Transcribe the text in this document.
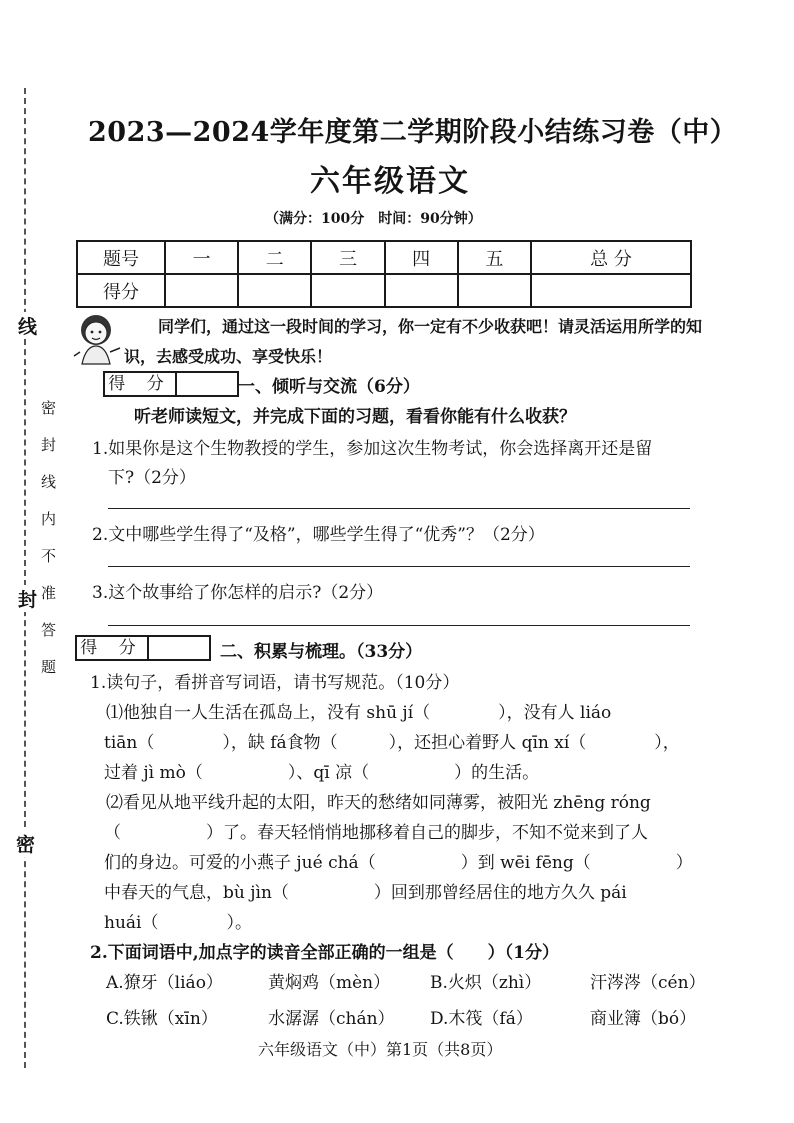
线
封
密
密封线内不准答题
2023—2024学年度第二学期阶段小结练习卷（中）
六年级语文
（满分：100分　时间：90分钟）
题号	一	二	三	四	五	总 分
得分						
同学们，通过这一段时间的学习，你一定有不少收获吧！请灵活运用所学的知识，去感受成功、享受快乐！
得 分	一、倾听与交流（6分）
听老师读短文，并完成下面的习题，看看你能有什么收获？
1.如果你是这个生物教授的学生，参加这次生物考试，你会选择离开还是留
下?（2分）
2.文中哪些学生得了“及格”，哪些学生得了“优秀”？（2分）
3.这个故事给了你怎样的启示?（2分）
得 分	二、积累与梳理。（33分）
1.读句子，看拼音写词语，请书写规范。（10分）
⑴他独自一人生活在孤岛上，没有 shū jí（　　　　），没有人 liáo
tiān（　　　　），缺 fá食物（　　　），还担心着野人 qīn xí（　　　　），
过着 jì mò（　　　　　）、qī 凉（　　　　　）的生活。
⑵看见从地平线升起的太阳，昨天的愁绪如同薄雾，被阳光 zhēng róng
（　　　　　）了。春天轻悄悄地挪移着自己的脚步，不知不觉来到了人
们的身边。可爱的小燕子 jué chá（　　　　　）到 wēi fēng（　　　　　）
中春天的气息，bù jìn（　　　　　）回到那曾经居住的地方久久 pái
huái（　　　　）。
2.下面词语中,加点字的读音全部正确的一组是（　　）（1分）
A.獠牙（liáo）	黄焖鸡（mèn） B.火炽（zhì）	汗涔涔（cén）
C.铁锹（xīn）	水潺潺（chán） D.木筏（fá）	商业簿（bó）
六年级语文（中）第1页（共8页）
